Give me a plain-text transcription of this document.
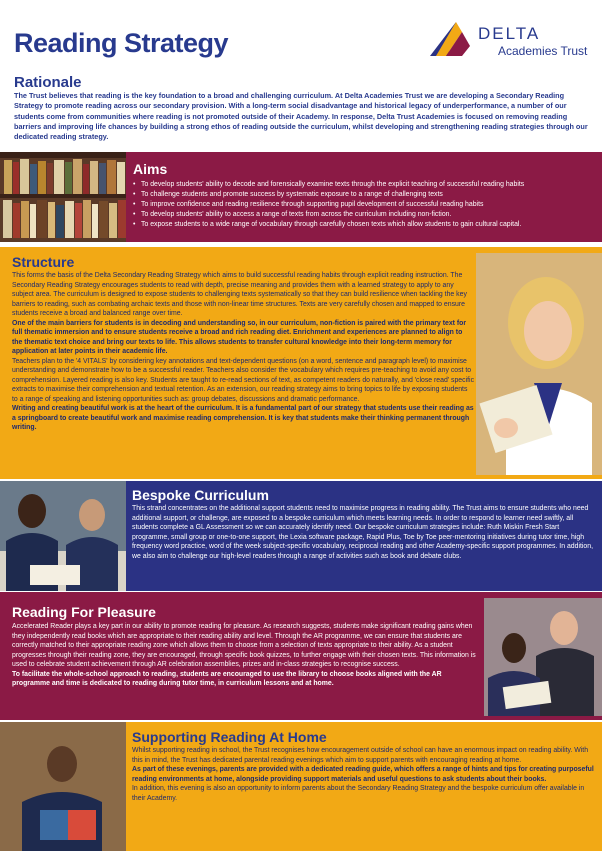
Reading Strategy	DELTA
Academies Trust
Rationale
The Trust believes that reading is the key foundation to a broad and challenging curriculum. At Delta Academies Trust we are developing a Secondary Reading Strategy to promote reading across our secondary provision. With a long-term social disadvantage and historical legacy of underperformance, a number of our students come from communities where reading is not promoted outside of their Academy. In response, Delta Trust Academies is focused on removing reading barriers and improving life chances by building a strong ethos of reading outside the curriculum, whilst developing and strengthening reading strategies through our dedicated reading strategy.
Aims
• To develop students' ability to decode and forensically examine texts through the explicit teaching of successful reading habits
• To challenge students and promote success by systematic exposure to a range of challenging texts
• To improve confidence and reading resilience through supporting pupil development of successful reading habits
• To develop students' ability to access a range of texts from across the curriculum including non-fiction.
• To expose students to a wide range of vocabulary through carefully chosen texts which allow students to gain cultural capital.
Structure

This forms the basis of the Delta Secondary Reading Strategy which aims to build successful reading habits through explicit reading instruction. The Secondary Reading Strategy encourages students to read with depth, precise meaning and provides them with a learned strategy to apply to any subject area. The curriculum is designed to expose students to challenging texts systematically so that they can build resilience when tackling the key barriers to reading, such as combating archaic texts and those with non-linear time structures. Texts are very carefully chosen and mapped to ensure students receive a broad and balanced range over time.

One of the main barriers for students is in decoding and understanding so, in our curriculum, non-fiction is paired with the primary text for full thematic immersion and to ensure students receive a broad and rich reading diet. Enrichment and experiences are planned to align to the thematic text choice and bring our texts to life. This allows students to transfer cultural knowledge into their long-term memory for application at later points in their academic life.

Teachers plan to the '4 VITALS' by considering key annotations and text-dependent questions (on a word, sentence and paragraph level) to maximise understanding and demonstrate how to be a successful reader. Teachers also consider the vocabulary which requires pre-teaching to avoid any cost to comprehension. Layered reading is also key. Students are taught to re-read sections of text, as competent readers do naturally, and 'close read' specific extracts to maximise their comprehension and textual retention. As an extension, our reading strategy aims to bring topics to life by exposing students to a range of speaking and listening opportunities such as: group debates, discussions and dramatic performance.

Writing and creating beautiful work is at the heart of the curriculum. It is a fundamental part of our strategy that students use their reading as a springboard to create beautiful work and maximise reading comprehension. It is key that students make their thinking permanent through writing.

Bespoke Curriculum
This strand concentrates on the additional support students need to maximise progress in reading ability. The Trust aims to ensure students who need additional support, or challenge, are exposed to a bespoke curriculum which meets learning needs. In order to respond to learner need swiftly, all students complete a GL Assessment so we can accurately identify need. Our bespoke curriculum strategies include: Ruth Miskin Fresh Start programme, small group or one-to-one support, the Lexia software package, Rapid Plus, Toe by Toe peer-mentoring initiatives during tutor time, high frequency word practice, word of the week subject-specific vocabulary, reciprocal reading and other Academy-specific support programmes. In addition, we also aim to challenge our high-level readers through a range of activities such as book and debate clubs.
Reading For Pleasure

Accelerated Reader plays a key part in our ability to promote reading for pleasure. As research suggests, students make significant reading gains when they independently read books which are appropriate to their reading ability and level. Through the AR programme, we can ensure that students are correctly matched to their appropriate reading zone which allows them to choose from a selection of texts appropriate to their ability. As a student progresses through their reading zone, they are encouraged, through specific book quizzes, to further engage with their chosen texts. This information is used to celebrate student achievement through AR celebration assemblies, prizes and in-class strategies to recognise success.

To facilitate the whole-school approach to reading, students are encouraged to use the library to choose books aligned with the AR programme and time is dedicated to reading during tutor time, in curriculum lessons and at home.

Supporting Reading At Home

Whilst supporting reading in school, the Trust recognises how encouragement outside of school can have an enormous impact on reading ability. With this in mind, the Trust has dedicated parental reading evenings which aim to support parents with encouraging reading at home.

As part of these evenings, parents are provided with a dedicated reading guide, which offers a range of hints and tips for creating purposeful reading environments at home, alongside providing support materials and useful questions to ask students about their books.

In addition, this evening is also an opportunity to inform parents about the Secondary Reading Strategy and the bespoke curriculum offer available in their Academy.
